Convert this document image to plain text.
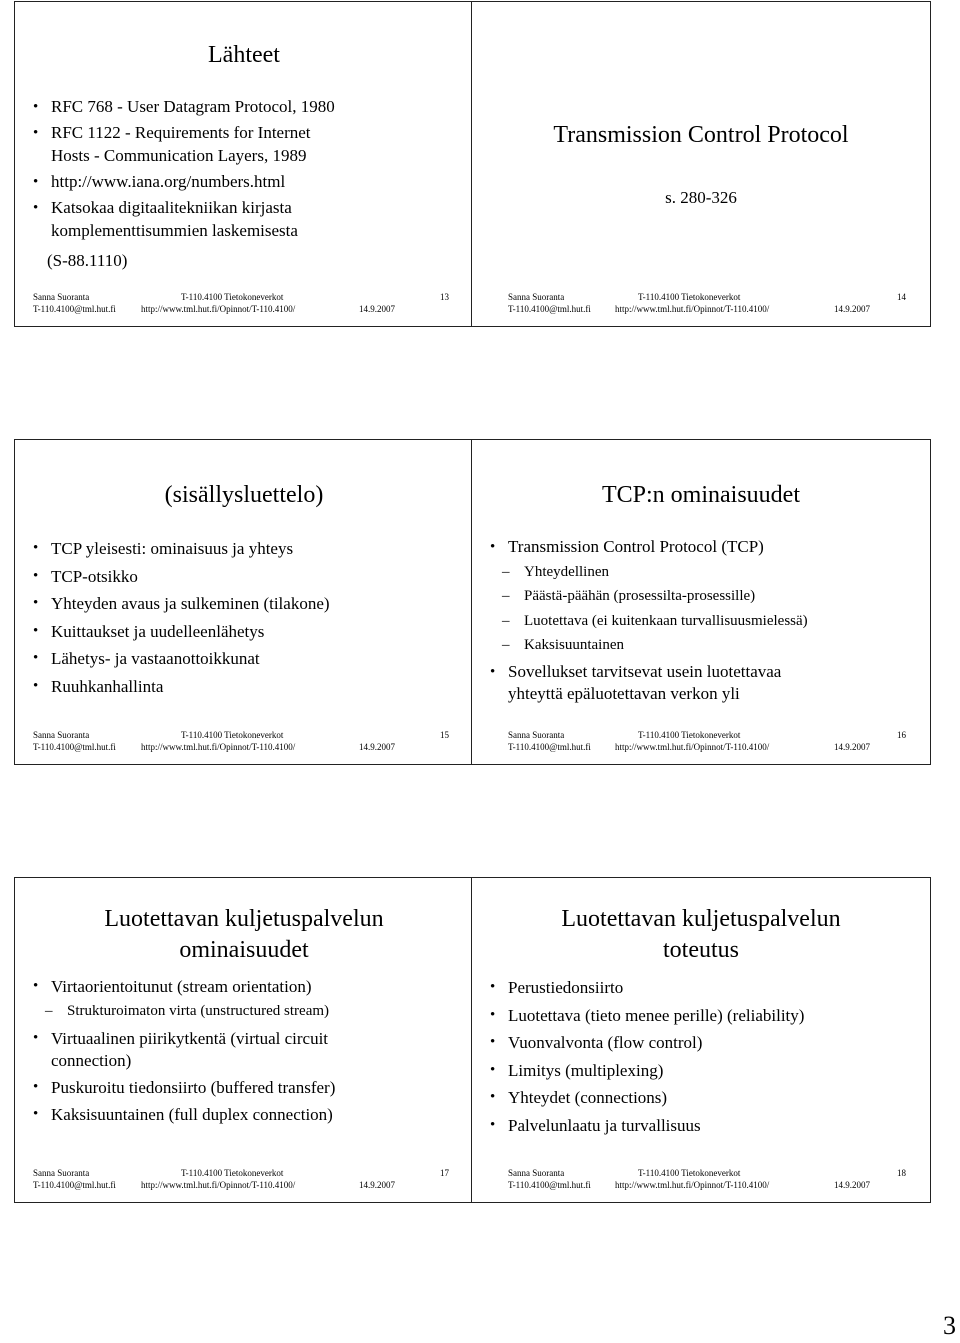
Lähteet
• RFC 768 - User Datagram Protocol, 1980
• RFC 1122 - Requirements for Internet
Hosts - Communication Layers, 1989
• http://www.iana.org/numbers.html
• Katsokaa digitaalitekniikan kirjasta
komplementtisummien laskemisesta
(S-88.1110)
Sanna Suoranta	T-110.4100 Tietokoneverkot	13
T-110.4100@tml.hut.fi	http://www.tml.hut.fi/Opinnot/T-110.4100/	14.9.2007
Transmission Control Protocol
s. 280-326
Sanna Suoranta	T-110.4100 Tietokoneverkot	14
T-110.4100@tml.hut.fi	http://www.tml.hut.fi/Opinnot/T-110.4100/	14.9.2007
(sisällysluettelo)
• TCP yleisesti: ominaisuus ja yhteys
• TCP-otsikko
• Yhteyden avaus ja sulkeminen (tilakone)
• Kuittaukset ja uudelleenlähetys
• Lähetys- ja vastaanottoikkunat
• Ruuhkanhallinta
Sanna Suoranta	T-110.4100 Tietokoneverkot	15
T-110.4100@tml.hut.fi	http://www.tml.hut.fi/Opinnot/T-110.4100/	14.9.2007
TCP:n ominaisuudet
• Transmission Control Protocol (TCP)
– Yhteydellinen
– Päästä-päähän (prosessilta-prosessille)
– Luotettava (ei kuitenkaan turvallisuusmielessä)
– Kaksisuuntainen
• Sovellukset tarvitsevat usein luotettavaa
yhteyttä epäluotettavan verkon yli
Sanna Suoranta	T-110.4100 Tietokoneverkot	16
T-110.4100@tml.hut.fi	http://www.tml.hut.fi/Opinnot/T-110.4100/	14.9.2007
Luotettavan kuljetuspalvelun
ominaisuudet
• Virtaorientoitunut (stream orientation)
– Strukturoimaton virta (unstructured stream)
• Virtuaalinen piirikytkentä (virtual circuit
connection)
• Puskuroitu tiedonsiirto (buffered transfer)
• Kaksisuuntainen (full duplex connection)
Sanna Suoranta	T-110.4100 Tietokoneverkot	17
T-110.4100@tml.hut.fi	http://www.tml.hut.fi/Opinnot/T-110.4100/	14.9.2007
Luotettavan kuljetuspalvelun
toteutus
• Perustiedonsiirto
• Luotettava (tieto menee perille) (reliability)
• Vuonvalvonta (flow control)
• Limitys (multiplexing)
• Yhteydet (connections)
• Palvelunlaatu ja turvallisuus
Sanna Suoranta	T-110.4100 Tietokoneverkot	18
T-110.4100@tml.hut.fi	http://www.tml.hut.fi/Opinnot/T-110.4100/	14.9.2007
3
